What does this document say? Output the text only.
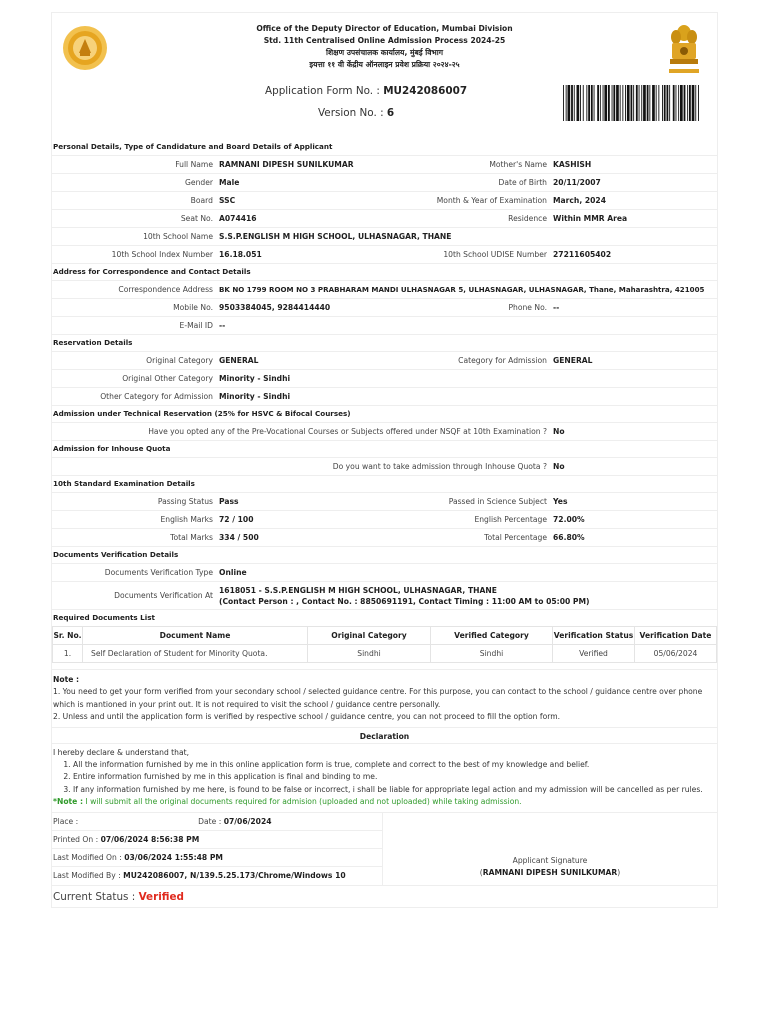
Office of the Deputy Director of Education, Mumbai Division
Std. 11th Centralised Online Admission Process 2024-25
शिक्षण उपसंचालक कार्यालय, मुंबई विभाग
इयत्ता ११ वी केंद्रीय ऑनलाइन प्रवेश प्रक्रिया २०२४-२५
Application Form No. : MU242086007
Version No. : 6
Personal Details, Type of Candidature and Board Details of Applicant
Full Name RAMNANI DIPESH SUNILKUMAR	Mother's Name KASHISH
Gender Male	Date of Birth 20/11/2007
Board SSC	Month & Year of Examination March, 2024
Seat No. A074416	Residence Within MMR Area
10th School Name S.S.P.ENGLISH M HIGH SCHOOL, ULHASNAGAR, THANE
10th School Index Number 16.18.051	10th School UDISE Number 27211605402
Address for Correspondence and Contact Details
Correspondence Address BK NO 1799 ROOM NO 3 PRABHARAM MANDI ULHASNAGAR 5, ULHASNAGAR, ULHASNAGAR, Thane, Maharashtra, 421005
Mobile No. 9503384045, 9284414440	Phone No. --
E-Mail ID --
Reservation Details
Original Category GENERAL	Category for Admission GENERAL
Original Other Category Minority - Sindhi
Other Category for Admission Minority - Sindhi
Admission under Technical Reservation (25% for HSVC & Bifocal Courses)
Have you opted any of the Pre-Vocational Courses or Subjects offered under NSQF at 10th Examination ? No
Admission for Inhouse Quota
Do you want to take admission through Inhouse Quota ? No
10th Standard Examination Details
Passing Status Pass	Passed in Science Subject Yes
English Marks 72 / 100	English Percentage 72.00%
Total Marks 334 / 500	Total Percentage 66.80%
Documents Verification Details
Documents Verification Type Online
Documents Verification At
1618051 - S.S.P.ENGLISH M HIGH SCHOOL, ULHASNAGAR, THANE
(Contact Person : , Contact No. : 8850691191, Contact Timing : 11:00 AM to 05:00 PM)
Required Documents List
Sr. No.	Document Name	Original Category	Verified Category	Verification Status	Verification Date
1.	Self Declaration of Student for Minority Quota.	Sindhi	Sindhi	Verified	05/06/2024
Note :
1. You need to get your form verified from your secondary school / selected guidance centre. For this purpose, you can contact to the school / guidance centre over phone which is mantioned in your print out. It is not required to visit the school / guidance centre personally.
2. Unless and until the application form is verified by respective school / guidance centre, you can not proceed to fill the option form.
Declaration
I hereby declare & understand that,
1. All the information furnished by me in this online application form is true, complete and correct to the best of my knowledge and belief.
2. Entire information furnished by me in this application is final and binding to me.
3. If any information furnished by me here, is found to be false or incorrect, i shall be liable for appropriate legal action and my admission will be cancelled as per rules.
*Note : I will submit all the original documents required for admision (uploaded and not uploaded) while taking admission.
Place :	Date : 07/06/2024
Printed On : 07/06/2024 8:56:38 PM
Last Modified On : 03/06/2024 1:55:48 PM
Last Modified By : MU242086007, N/139.5.25.173/Chrome/Windows 10
Applicant Signature
(RAMNANI DIPESH SUNILKUMAR)
Current Status : Verified
